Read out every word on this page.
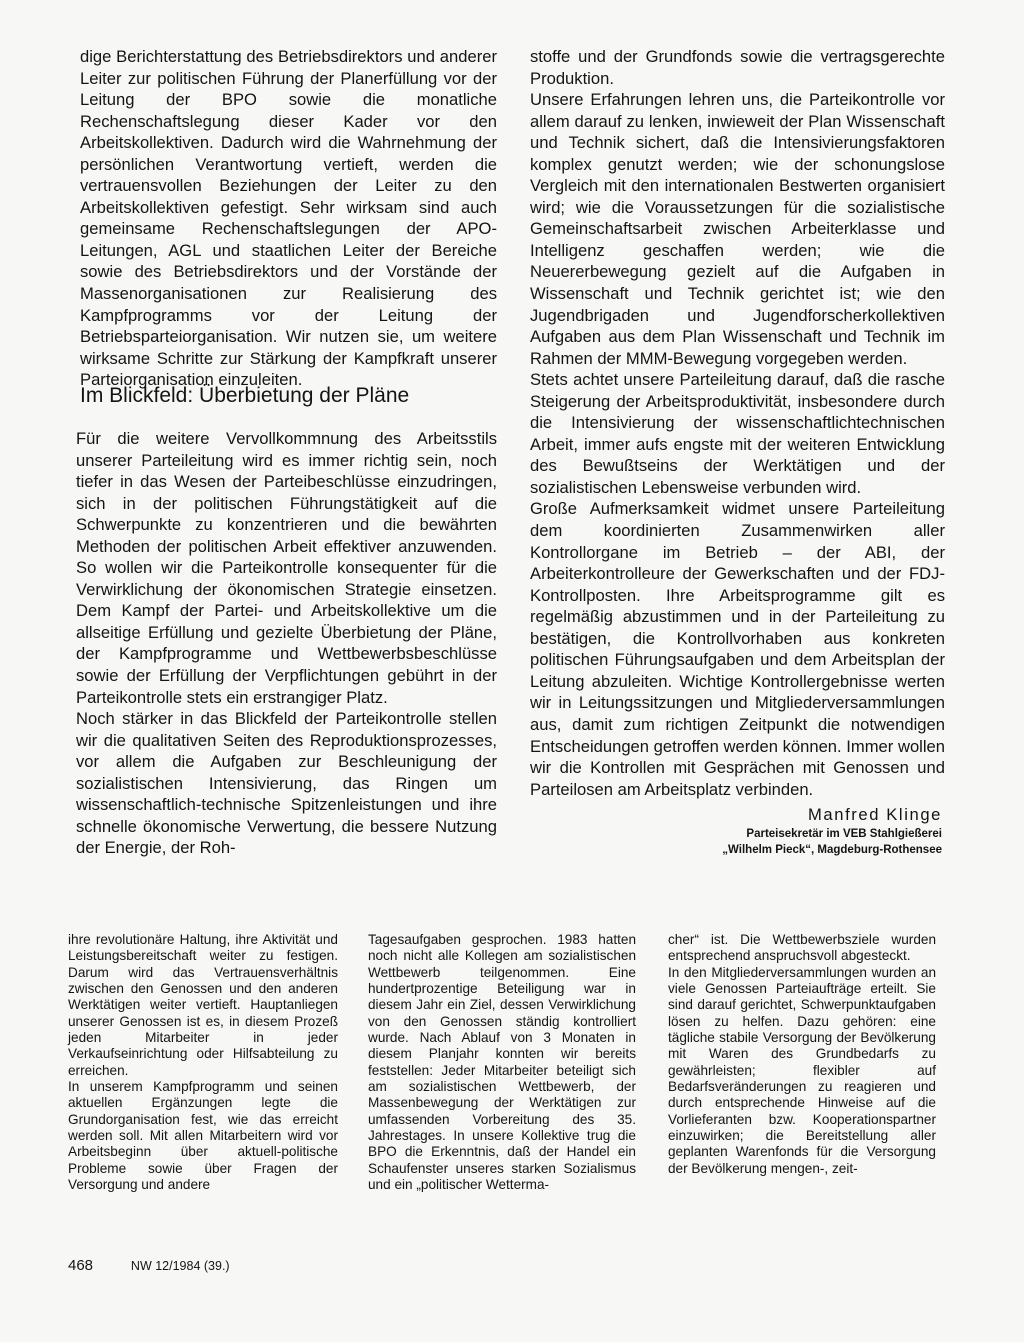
dige Berichterstattung des Betriebsdirektors und anderer Leiter zur politischen Führung der Planerfüllung vor der Leitung der BPO sowie die monatliche Rechenschaftslegung dieser Kader vor den Arbeitskollektiven. Dadurch wird die Wahrnehmung der persönlichen Verantwortung vertieft, werden die vertrauensvollen Beziehungen der Leiter zu den Arbeitskollektiven gefestigt. Sehr wirksam sind auch gemeinsame Rechenschaftslegungen der APO-Leitungen, AGL und staatlichen Leiter der Bereiche sowie des Betriebsdirektors und der Vorstände der Massenorganisationen zur Realisierung des Kampfprogramms vor der Leitung der Betriebsparteiorganisation. Wir nutzen sie, um weitere wirksame Schritte zur Stärkung der Kampfkraft unserer Parteiorganisation einzuleiten.

Im Blickfeld: Überbietung der Pläne

Für die weitere Vervollkommnung des Arbeitsstils unserer Parteileitung wird es immer richtig sein, noch tiefer in das Wesen der Parteibeschlüsse einzudringen, sich in der politischen Führungstätigkeit auf die Schwerpunkte zu konzentrieren und die bewährten Methoden der politischen Arbeit effektiver anzuwenden. So wollen wir die Parteikontrolle konsequenter für die Verwirklichung der ökonomischen Strategie einsetzen. Dem Kampf der Partei- und Arbeitskollektive um die allseitige Erfüllung und gezielte Überbietung der Pläne, der Kampfprogramme und Wettbewerbsbeschlüsse sowie der Erfüllung der Verpflichtungen gebührt in der Parteikontrolle stets ein erstrangiger Platz.

Noch stärker in das Blickfeld der Parteikontrolle stellen wir die qualitativen Seiten des Reproduktionsprozesses, vor allem die Aufgaben zur Beschleunigung der sozialistischen Intensivierung, das Ringen um wissenschaftlich-technische Spitzenleistungen und ihre schnelle ökonomische Verwertung, die bessere Nutzung der Energie, der Roh-

stoffe und der Grundfonds sowie die vertragsgerechte Produktion.

Unsere Erfahrungen lehren uns, die Parteikontrolle vor allem darauf zu lenken, inwieweit der Plan Wissenschaft und Technik sichert, daß die Intensivierungsfaktoren komplex genutzt werden; wie der schonungslose Vergleich mit den internationalen Bestwerten organisiert wird; wie die Voraussetzungen für die sozialistische Gemeinschaftsarbeit zwischen Arbeiterklasse und Intelligenz geschaffen werden; wie die Neuererbewegung gezielt auf die Aufgaben in Wissenschaft und Technik gerichtet ist; wie den Jugendbrigaden und Jugendforscherkollektiven Aufgaben aus dem Plan Wissenschaft und Technik im Rahmen der MMM-Bewegung vorgegeben werden.

Stets achtet unsere Parteileitung darauf, daß die rasche Steigerung der Arbeitsproduktivität, insbesondere durch die Intensivierung der wissenschaftlichtechnischen Arbeit, immer aufs engste mit der weiteren Entwicklung des Bewußtseins der Werktätigen und der sozialistischen Lebensweise verbunden wird.

Große Aufmerksamkeit widmet unsere Parteileitung dem koordinierten Zusammenwirken aller Kontrollorgane im Betrieb – der ABI, der Arbeiterkontrolleure der Gewerkschaften und der FDJ-Kontrollposten. Ihre Arbeitsprogramme gilt es regelmäßig abzustimmen und in der Parteileitung zu bestätigen, die Kontrollvorhaben aus konkreten politischen Führungsaufgaben und dem Arbeitsplan der Leitung abzuleiten. Wichtige Kontrollergebnisse werten wir in Leitungssitzungen und Mitgliederversammlungen aus, damit zum richtigen Zeitpunkt die notwendigen Entscheidungen getroffen werden können. Immer wollen wir die Kontrollen mit Gesprächen mit Genossen und Parteilosen am Arbeitsplatz verbinden.

Manfred Klinge
Parteisekretär im VEB Stahlgießerei
„Wilhelm Pieck“, Magdeburg-Rothensee

ihre revolutionäre Haltung, ihre Aktivität und Leistungsbereitschaft weiter zu festigen. Darum wird das Vertrauensverhältnis zwischen den Genossen und den anderen Werktätigen weiter vertieft. Hauptanliegen unserer Genossen ist es, in diesem Prozeß jeden Mitarbeiter in jeder Verkaufseinrichtung oder Hilfsabteilung zu erreichen.

In unserem Kampfprogramm und seinen aktuellen Ergänzungen legte die Grundorganisation fest, wie das erreicht werden soll. Mit allen Mitarbeitern wird vor Arbeitsbeginn über aktuell-politische Probleme sowie über Fragen der Versorgung und andere

Tagesaufgaben gesprochen. 1983 hatten noch nicht alle Kollegen am sozialistischen Wettbewerb teilgenommen. Eine hundertprozentige Beteiligung war in diesem Jahr ein Ziel, dessen Verwirklichung von den Genossen ständig kontrolliert wurde. Nach Ablauf von 3 Monaten in diesem Planjahr konnten wir bereits feststellen: Jeder Mitarbeiter beteiligt sich am sozialistischen Wettbewerb, der Massenbewegung der Werktätigen zur umfassenden Vorbereitung des 35. Jahrestages. In unsere Kollektive trug die BPO die Erkenntnis, daß der Handel ein Schaufenster unseres starken Sozialismus und ein „politischer Wetterma-

cher“ ist. Die Wettbewerbsziele wurden entsprechend anspruchsvoll abgesteckt.

In den Mitgliederversammlungen wurden an viele Genossen Parteiaufträge erteilt. Sie sind darauf gerichtet, Schwerpunktaufgaben lösen zu helfen. Dazu gehören: eine tägliche stabile Versorgung der Bevölkerung mit Waren des Grundbedarfs zu gewährleisten; flexibler auf Bedarfsveränderungen zu reagieren und durch entsprechende Hinweise auf die Vorlieferanten bzw. Kooperationspartner einzuwirken; die Bereitstellung aller geplanten Warenfonds für die Versorgung der Bevölkerung mengen-, zeit-

468	NW 12/1984 (39.)
